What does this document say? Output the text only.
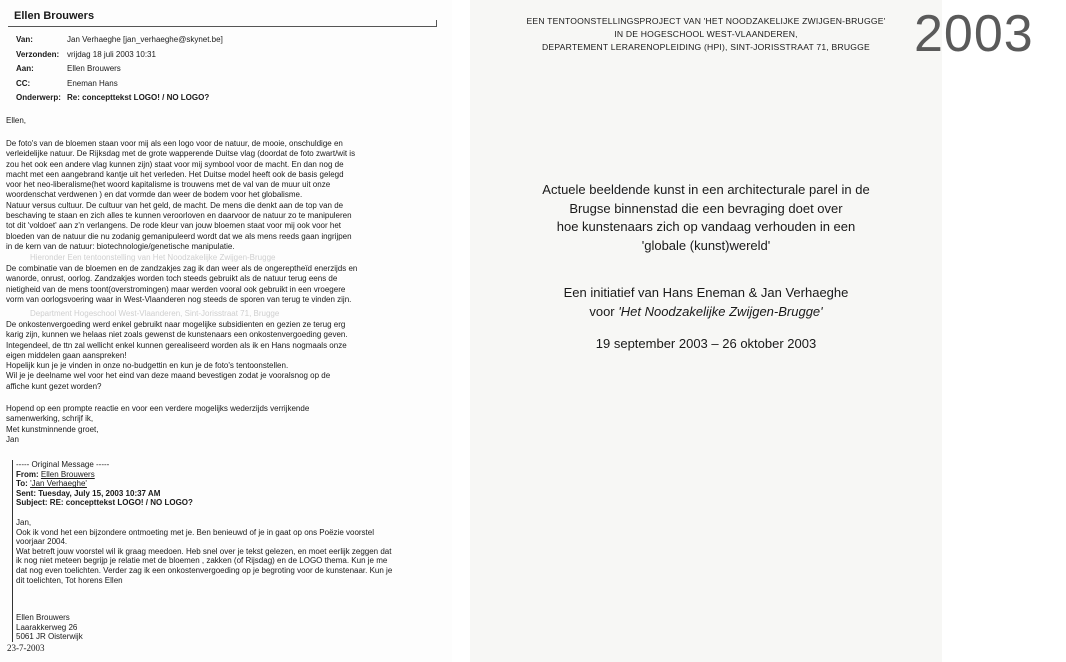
Ellen Brouwers
Van:	Jan Verhaeghe [jan_verhaeghe@skynet.be]
Verzonden: vrijdag 18 juli 2003 10:31
Aan:	Ellen Brouwers
CC:	Eneman Hans
Onderwerp: Re: concepttekst LOGO! / NO LOGO?
Ellen,

De foto's van de bloemen staan voor mij als een logo voor de natuur, de mooie, onschuldige en

verleidelijke natuur. De Rijksdag met de grote wapperende Duitse vlag (doordat de foto zwart/wit is

zou het ook een andere vlag kunnen zijn) staat voor mij symbool voor de macht. En dan nog de

macht met een aangebrand kantje uit het verleden. Het Duitse model heeft ook de basis gelegd

voor het neo-liberalisme(het woord kapitalisme is trouwens met de val van de muur uit onze

woordenschat verdwenen ) en dat vormde dan weer de bodem voor het globalisme.

Natuur versus cultuur. De cultuur van het geld, de macht. De mens die denkt aan de top van de

beschaving te staan en zich alles te kunnen veroorloven en daarvoor de natuur zo te manipuleren

tot dit 'voldoet' aan z'n verlangens. De rode kleur van jouw bloemen staat voor mij ook voor het

bloeden van de natuur die nu zodanig gemanipuleerd wordt dat we als mens reeds gaan ingrijpen

in de kern van de natuur: biotechnologie/genetische manipulatie.

Hieronder Een tentoonstelling van Het Noodzakelijke Zwijgen-Brugge

De combinatie van de bloemen en de zandzakjes zag ik dan weer als de ongereptheïd enerzijds en

wanorde, onrust, oorlog. Zandzakjes worden toch steeds gebruikt als de natuur terug eens de

nietigheid van de mens toont(overstromingen) maar werden vooral ook gebruikt in een vroegere

vorm van oorlogsvoering waar in West-Vlaanderen nog steeds de sporen van terug te vinden zijn.

Department Hogeschool West-Vlaanderen, Sint-Jorisstraat 71, Brugge

De onkostenvergoeding werd enkel gebruikt naar mogelijke subsidienten en gezien ze terug erg

karig zijn, kunnen we helaas niet zoals gewenst de kunstenaars een onkostenvergoeding geven.

Integendeel, de ttn zal wellicht enkel kunnen gerealiseerd worden als ik en Hans nogmaals onze

eigen middelen gaan aanspreken!

Hopelijk kun je je vinden in onze no-budgettin en kun je de foto's tentoonstellen.

Wil je je deelname wel voor het eind van deze maand bevestigen zodat je vooralsnog op de

affiche kunt gezet worden?

Hopend op een prompte reactie en voor een verdere mogelijks wederzijds verrijkende

samenwerking, schrijf ik,

Met kunstminnende groet,

Jan

----- Original Message -----

From: Ellen Brouwers

To: 'Jan Verhaeghe'

Sent: Tuesday, July 15, 2003 10:37 AM

Subject: RE: concepttekst LOGO! / NO LOGO?

Jan,

Ook ik vond het een bijzondere ontmoeting met je. Ben benieuwd of je in gaat op ons Poëzie voorstel

voorjaar 2004.

Wat betreft jouw voorstel wil ik graag meedoen. Heb snel over je tekst gelezen, en moet eerlijk zeggen dat

ik nog niet meteen begrijp je relatie met de bloemen , zakken (of Rijsdag) en de LOGO thema. Kun je me

dat nog even toelichten. Verder zag ik een onkostenvergoeding op je begroting voor de kunstenaar. Kun je

dit toelichten, Tot horens Ellen

Ellen Brouwers

Laarakkerweg 26

5061 JR Oisterwijk

23-7-2003

EEN TENTOONSTELLINGSPROJECT VAN 'HET NOODZAKELIJKE ZWIJGEN-BRUGGE'

IN DE HOGESCHOOL WEST-VLAANDEREN,

DEPARTEMENT LERARENOPLEIDING (HPI), SINT-JORISSTRAAT 71, BRUGGE

Actuele beeldende kunst in een architecturale parel in de

Brugse binnenstad die een bevraging doet over

hoe kunstenaars zich op vandaag verhouden in een

'globale (kunst)wereld'

Een initiatief van Hans Eneman & Jan Verhaeghe

voor 'Het Noodzakelijke Zwijgen-Brugge'

19 september 2003 – 26 oktober 2003
2003
